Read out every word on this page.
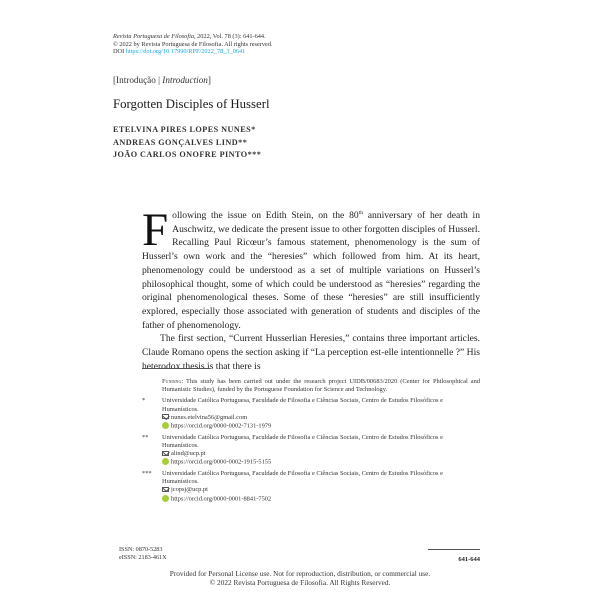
Revista Portuguesa de Filosofia, 2022, Vol. 78 (3): 641-644.
© 2022 by Revista Portuguesa de Filosofia. All rights reserved.
DOI https://doi.org/10.17990/RPF/2022_78_3_0641
[Introdução | Introduction]
Forgotten Disciples of Husserl
ETELVINA PIRES LOPES NUNES*
ANDREAS GONÇALVES LIND**
JOÃO CARLOS ONOFRE PINTO***

Following the issue on Edith Stein, on the 80th anniversary of her death in Auschwitz, we dedicate the present issue to other forgotten disciples of Husserl. Recalling Paul Ricœur’s famous statement, phenomenology is the sum of Husserl’s own work and the “heresies” which followed from him. At its heart, phenomenology could be understood as a set of multiple variations on Husserl’s philosophical thought, some of which could be understood as “heresies” regarding the original phenomenological theses. Some of these “heresies” are still insufficiently explored, especially those associated with generation of students and disciples of the father of phenomenology.

The first section, “Current Husserlian Heresies,” contains three important articles. Claude Romano opens the section asking if “La perception est-elle intentionnelle ?” His heterodox thesis is that there is

Funding: This study has been carried out under the research project UIDB/00683/2020 (Center for Philosophical and Humanistic Studies), funded by the Portuguese Foundation for Science and Technology.
*	Universidade Católica Portuguesa, Faculdade de Filosofia e Ciências Sociais, Centro de Estudos Filosóficos e Humanísticos.
nunes.etelvina56@gmail.com
https://orcid.org/0000-0002-7131-1979
** Universidade Católica Portuguesa, Faculdade de Filosofia e Ciências Sociais, Centro de Estudos Filosóficos e Humanísticos.
alind@ucp.pt
https://orcid.org/0000-0002-1915-5155
*** Universidade Católica Portuguesa, Faculdade de Filosofia e Ciências Sociais, Centro de Estudos Filosóficos e Humanísticos.
jcopsj@ucp.pt
https://orcid.org/0000-0001-8841-7502
ISSN: 0870-5283
eISSN: 2183-461X	641-644
Provided for Personal License use. Not for reproduction, distribution, or commercial use.
© 2022 Revista Portuguesa de Filosofia. All Rights Reserved.
